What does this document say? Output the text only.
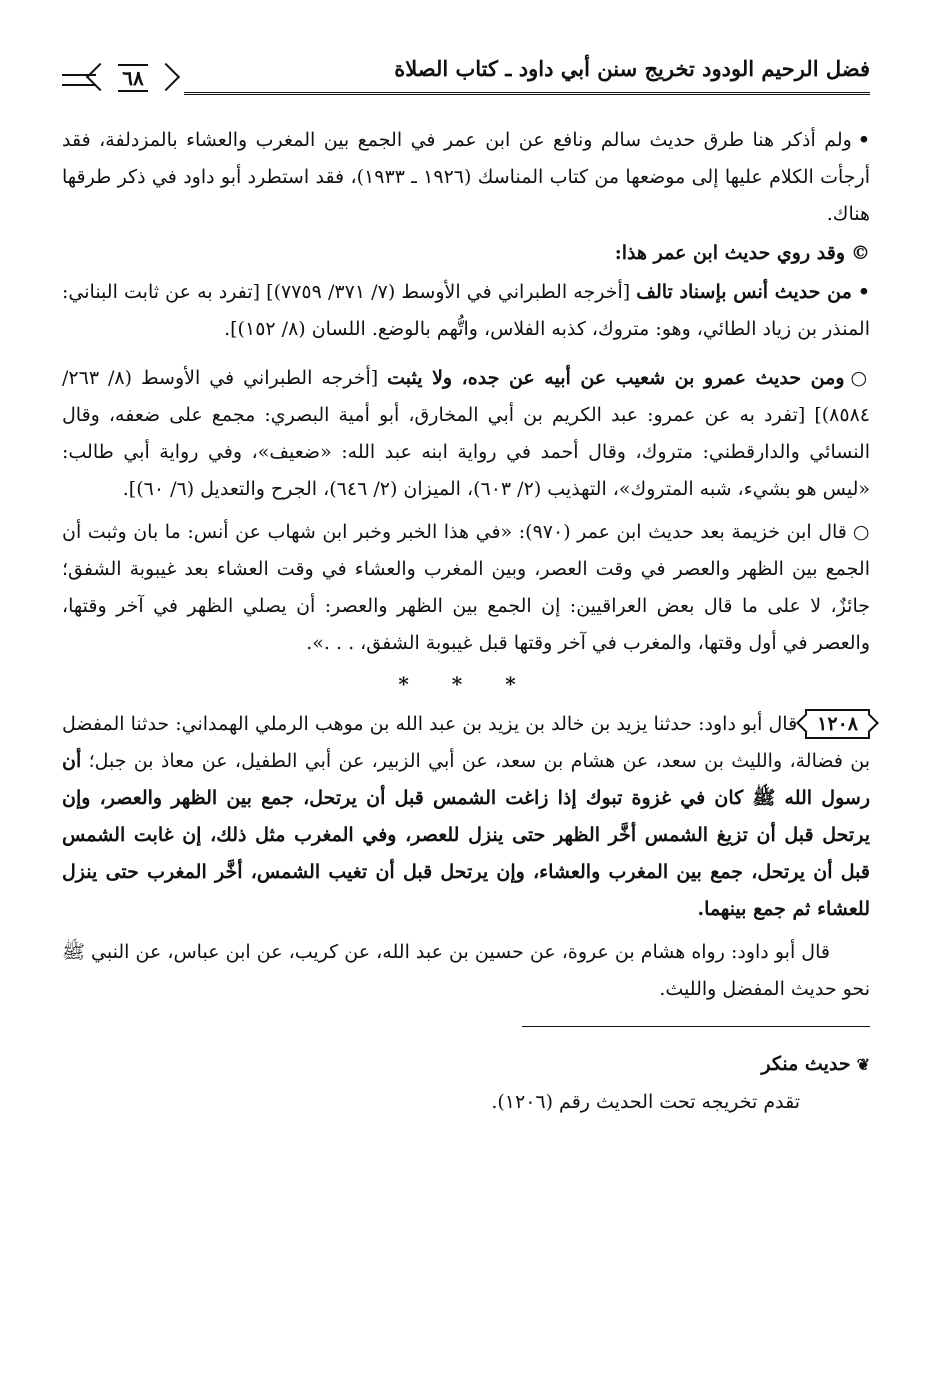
فضل الرحيم الودود تخريج سنن أبي داود ـ كتاب الصلاة
٦٨

•ولم أذكر هنا طرق حديث سالم ونافع عن ابن عمر في الجمع بين المغرب والعشاء بالمزدلفة، فقد أرجأت الكلام عليها إلى موضعها من كتاب المناسك (١٩٢٦ ـ ١٩٣٣)، فقد استطرد أبو داود في ذكر طرقها هناك.

©وقد روي حديث ابن عمر هذا:

•من حديث أنس بإسناد تالف [أخرجه الطبراني في الأوسط (٧/ ٣٧١/ ٧٧٥٩)] [تفرد به عن ثابت البناني: المنذر بن زياد الطائي، وهو: متروك، كذبه الفلاس، واتُّهم بالوضع. اللسان (٨/ ١٥٢)].

○ومن حديث عمرو بن شعيب عن أبيه عن جده، ولا يثبت [أخرجه الطبراني في الأوسط (٨/ ٢٦٣/ ٨٥٨٤)] [تفرد به عن عمرو: عبد الكريم بن أبي المخارق، أبو أمية البصري: مجمع على ضعفه، وقال النسائي والدارقطني: متروك، وقال أحمد في رواية ابنه عبد الله: «ضعيف»، وفي رواية أبي طالب: «ليس هو بشيء، شبه المتروك»، التهذيب (٢/ ٦٠٣)، الميزان (٢/ ٦٤٦)، الجرح والتعديل (٦/ ٦٠)].

○قال ابن خزيمة بعد حديث ابن عمر (٩٧٠): «في هذا الخبر وخبر ابن شهاب عن أنس: ما بان وثبت أن الجمع بين الظهر والعصر في وقت العصر، وبين المغرب والعشاء في وقت العشاء بعد غيبوبة الشفق؛ جائزٌ، لا على ما قال بعض العراقيين: إن الجمع بين الظهر والعصر: أن يصلي الظهر في آخر وقتها، والعصر في أول وقتها، والمغرب في آخر وقتها قبل غيبوبة الشفق، . . .».

* * *

١٢٠٨قال أبو داود: حدثنا يزيد بن خالد بن يزيد بن عبد الله بن موهب الرملي الهمداني: حدثنا المفضل بن فضالة، والليث بن سعد، عن هشام بن سعد، عن أبي الزبير، عن أبي الطفيل، عن معاذ بن جبل؛ أن رسول الله ﷺ كان في غزوة تبوك إذا زاغت الشمس قبل أن يرتحل، جمع بين الظهر والعصر، وإن يرتحل قبل أن تزيغ الشمس أخَّر الظهر حتى ينزل للعصر، وفي المغرب مثل ذلك، إن غابت الشمس قبل أن يرتحل، جمع بين المغرب والعشاء، وإن يرتحل قبل أن تغيب الشمس، أخَّر المغرب حتى ينزل للعشاء ثم جمع بينهما.

قال أبو داود: رواه هشام بن عروة، عن حسين بن عبد الله، عن كريب، عن ابن عباس، عن النبي ﷺ نحو حديث المفضل والليث.

❦حديث منكر
تقدم تخريجه تحت الحديث رقم (١٢٠٦).
